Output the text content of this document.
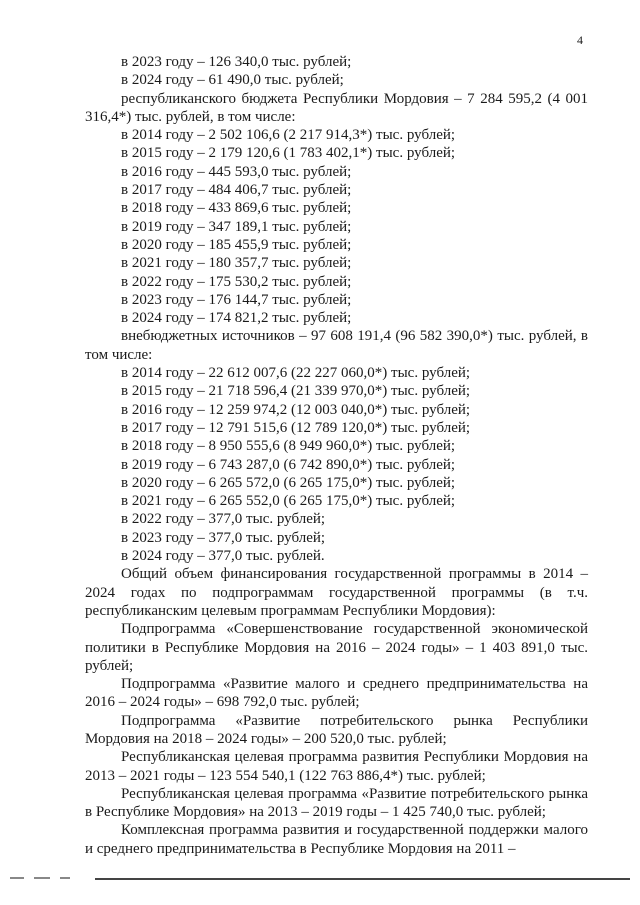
4

в 2023 году – 126 340,0 тыс. рублей;

в 2024 году – 61 490,0 тыс. рублей;

республиканского бюджета Республики Мордовия – 7 284 595,2 (4 001 316,4*) тыс. рублей, в том числе:

в 2014 году – 2 502 106,6 (2 217 914,3*) тыс. рублей;

в 2015 году – 2 179 120,6 (1 783 402,1*) тыс. рублей;

в 2016 году – 445 593,0 тыс. рублей;

в 2017 году – 484 406,7 тыс. рублей;

в 2018 году – 433 869,6 тыс. рублей;

в 2019 году – 347 189,1 тыс. рублей;

в 2020 году – 185 455,9 тыс. рублей;

в 2021 году – 180 357,7 тыс. рублей;

в 2022 году – 175 530,2 тыс. рублей;

в 2023 году – 176 144,7 тыс. рублей;

в 2024 году – 174 821,2 тыс. рублей;

внебюджетных источников – 97 608 191,4 (96 582 390,0*) тыс. рублей, в том числе:

в 2014 году – 22 612 007,6 (22 227 060,0*) тыс. рублей;

в 2015 году – 21 718 596,4 (21 339 970,0*) тыс. рублей;

в 2016 году – 12 259 974,2 (12 003 040,0*) тыс. рублей;

в 2017 году – 12 791 515,6 (12 789 120,0*) тыс. рублей;

в 2018 году – 8 950 555,6 (8 949 960,0*) тыс. рублей;

в 2019 году – 6 743 287,0 (6 742 890,0*) тыс. рублей;

в 2020 году – 6 265 572,0 (6 265 175,0*) тыс. рублей;

в 2021 году – 6 265 552,0 (6 265 175,0*) тыс. рублей;

в 2022 году – 377,0 тыс. рублей;

в 2023 году – 377,0 тыс. рублей;

в 2024 году – 377,0 тыс. рублей.

Общий объем финансирования государственной программы в 2014 – 2024 годах по подпрограммам государственной программы (в т.ч. республиканским целевым программам Республики Мордовия):

Подпрограмма «Совершенствование государственной экономической политики в Республике Мордовия на 2016 – 2024 годы» – 1 403 891,0 тыс. рублей;

Подпрограмма «Развитие малого и среднего предпринимательства на 2016 – 2024 годы» – 698 792,0 тыс. рублей;

Подпрограмма «Развитие потребительского рынка Республики Мордовия на 2018 – 2024 годы» – 200 520,0 тыс. рублей;

Республиканская целевая программа развития Республики Мордовия на 2013 – 2021 годы – 123 554 540,1 (122 763 886,4*) тыс. рублей;

Республиканская целевая программа «Развитие потребительского рынка в Республике Мордовия» на 2013 – 2019 годы – 1 425 740,0 тыс. рублей;

Комплексная программа развития и государственной поддержки малого и среднего предпринимательства в Республике Мордовия на 2011 –
